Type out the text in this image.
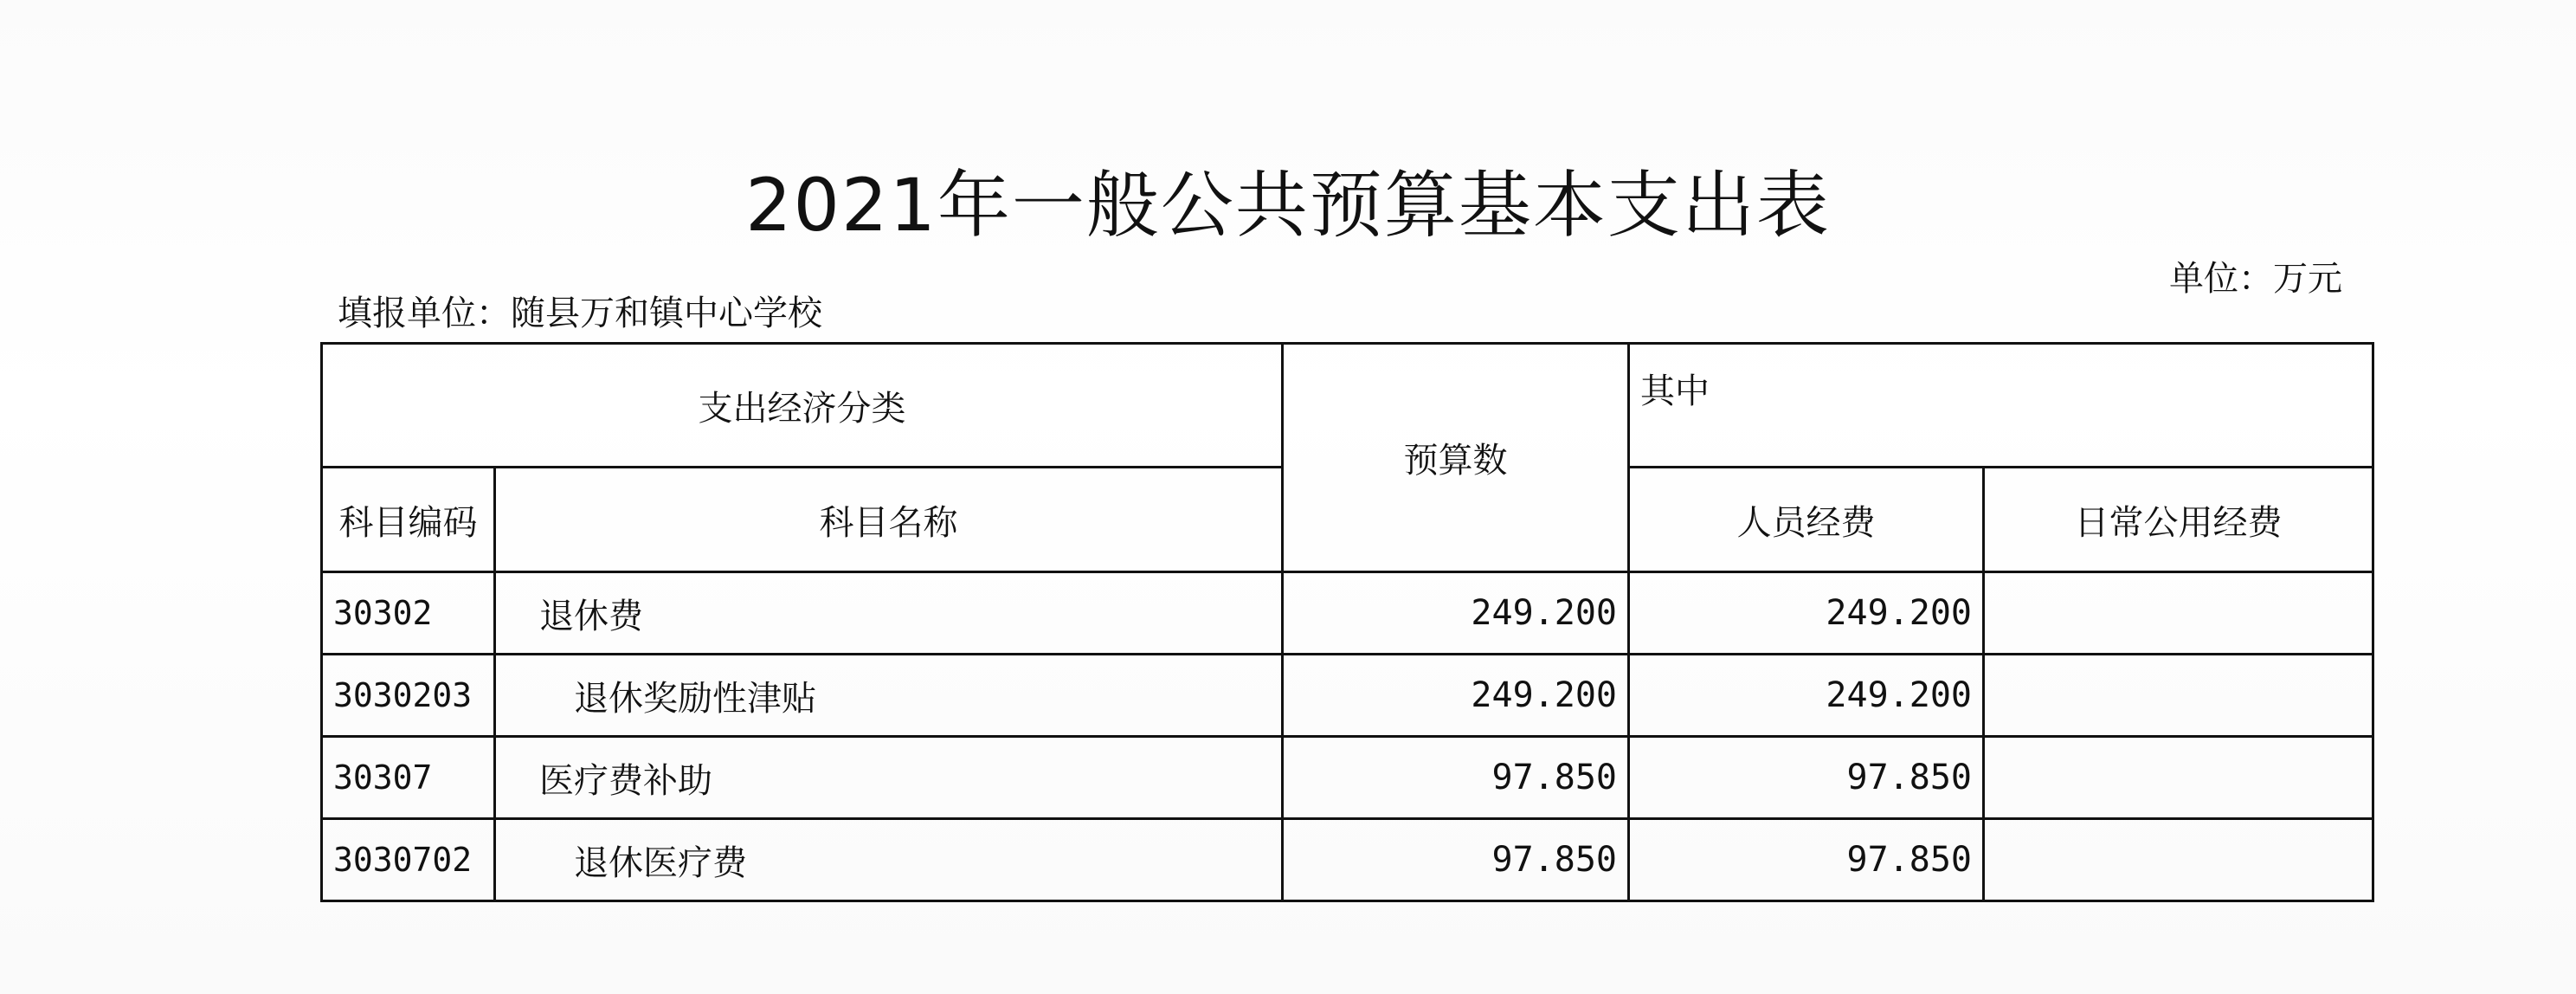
2021年一般公共预算基本支出表
单位：万元
填报单位：随县万和镇中心学校
支出经济分类		预算数	其中	
科目编码	科目名称		人员经费	日常公用经费
30302	退休费	249.200	249.200	
3030203	退休奖励性津贴	249.200	249.200	
30307	医疗费补助	97.850	97.850	
3030702	退休医疗费	97.850	97.850	
